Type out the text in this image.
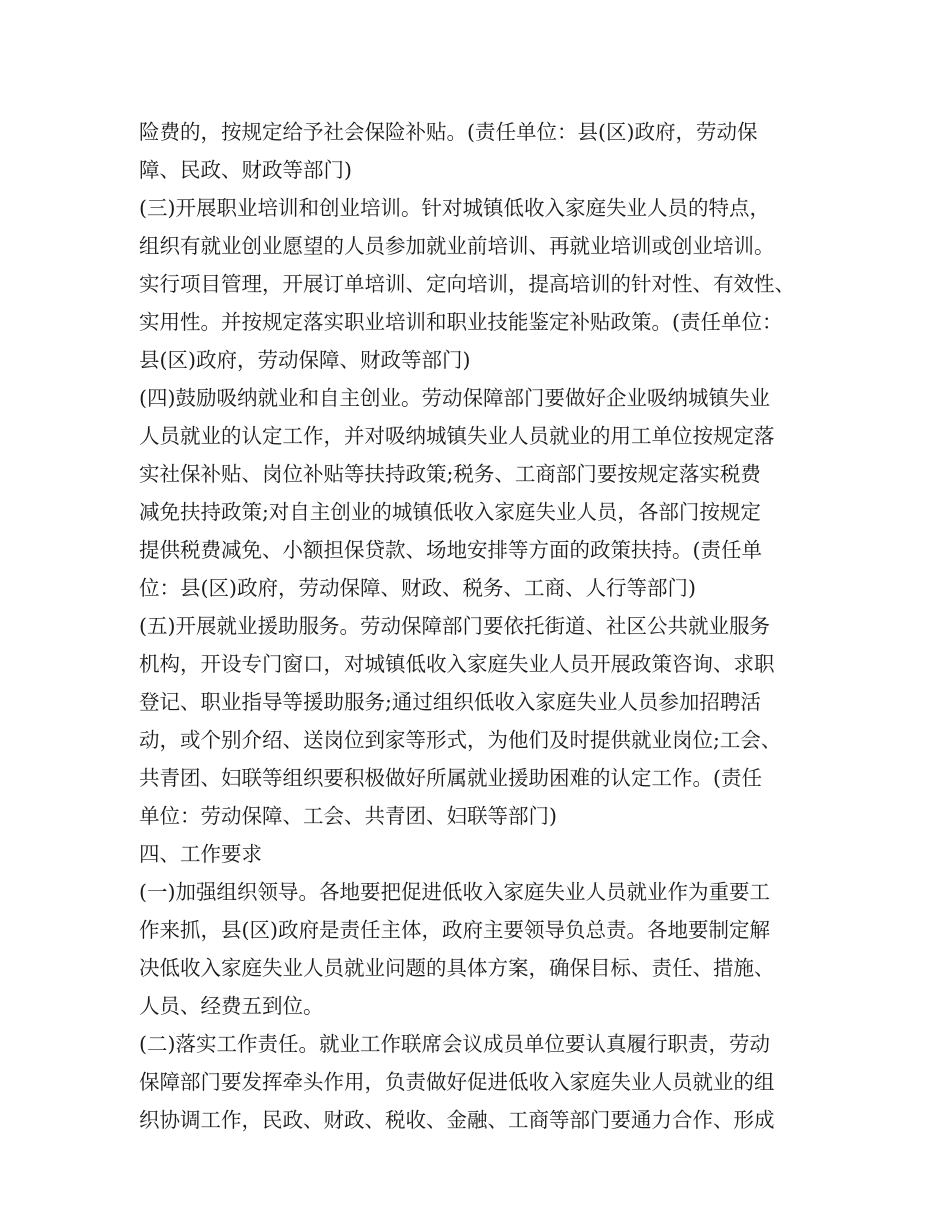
险费的，按规定给予社会保险补贴。(责任单位：县(区)政府，劳动保
障、民政、财政等部门)
(三)开展职业培训和创业培训。针对城镇低收入家庭失业人员的特点，
组织有就业创业愿望的人员参加就业前培训、再就业培训或创业培训。
实行项目管理，开展订单培训、定向培训，提高培训的针对性、有效性、
实用性。并按规定落实职业培训和职业技能鉴定补贴政策。(责任单位：
县(区)政府，劳动保障、财政等部门)
(四)鼓励吸纳就业和自主创业。劳动保障部门要做好企业吸纳城镇失业
人员就业的认定工作，并对吸纳城镇失业人员就业的用工单位按规定落
实社保补贴、岗位补贴等扶持政策;税务、工商部门要按规定落实税费
减免扶持政策;对自主创业的城镇低收入家庭失业人员，各部门按规定
提供税费减免、小额担保贷款、场地安排等方面的政策扶持。(责任单
位：县(区)政府，劳动保障、财政、税务、工商、人行等部门)
(五)开展就业援助服务。劳动保障部门要依托街道、社区公共就业服务
机构，开设专门窗口，对城镇低收入家庭失业人员开展政策咨询、求职
登记、职业指导等援助服务;通过组织低收入家庭失业人员参加招聘活
动，或个别介绍、送岗位到家等形式，为他们及时提供就业岗位;工会、
共青团、妇联等组织要积极做好所属就业援助困难的认定工作。(责任
单位：劳动保障、工会、共青团、妇联等部门)
四、工作要求
(一)加强组织领导。各地要把促进低收入家庭失业人员就业作为重要工
作来抓，县(区)政府是责任主体，政府主要领导负总责。各地要制定解
决低收入家庭失业人员就业问题的具体方案，确保目标、责任、措施、
人员、经费五到位。
(二)落实工作责任。就业工作联席会议成员单位要认真履行职责，劳动
保障部门要发挥牵头作用，负责做好促进低收入家庭失业人员就业的组
织协调工作，民政、财政、税收、金融、工商等部门要通力合作、形成
